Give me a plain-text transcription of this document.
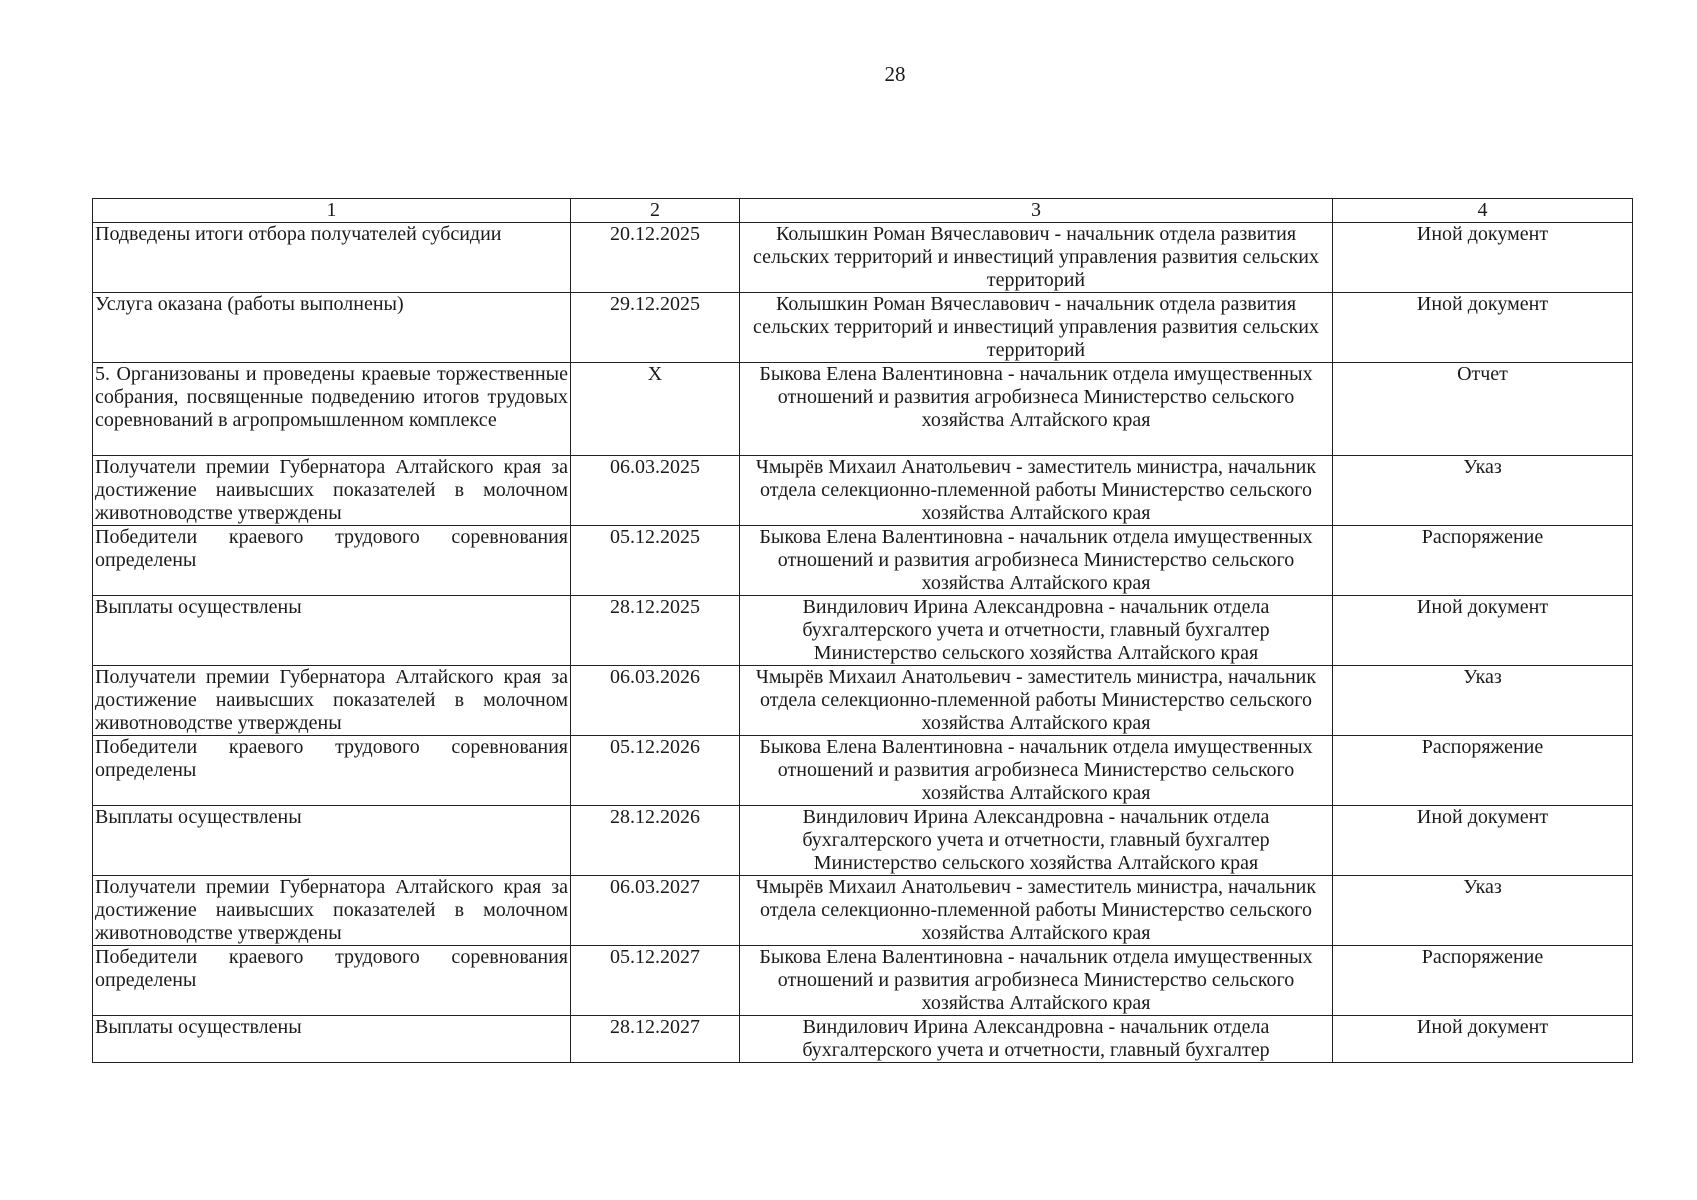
28
1	2	3	4
Подведены итоги отбора получателей субсидии	20.12.2025	Колышкин Роман Вячеславович - начальник отдела развития сельских территорий и инвестиций управления развития сельских территорий	Иной документ
Услуга оказана (работы выполнены)	29.12.2025	Колышкин Роман Вячеславович - начальник отдела развития сельских территорий и инвестиций управления развития сельских территорий	Иной документ
5. Организованы и проведены краевые торжественные собрания, посвященные подведению итогов трудовых соревнований в агропромышленном комплексе	Х	Быкова Елена Валентиновна - начальник отдела имущественных отношений и развития агробизнеса Министерство сельского хозяйства Алтайского края	Отчет
Получатели премии Губернатора Алтайского края за достижение наивысших показателей в молочном животноводстве утверждены	06.03.2025	Чмырёв Михаил Анатольевич - заместитель министра, начальник отдела селекционно-племенной работы Министерство сельского хозяйства Алтайского края	Указ
Победители краевого трудового соревнования определены	05.12.2025	Быкова Елена Валентиновна - начальник отдела имущественных отношений и развития агробизнеса Министерство сельского хозяйства Алтайского края	Распоряжение
Выплаты осуществлены	28.12.2025	Виндилович Ирина Александровна - начальник отдела бухгалтерского учета и отчетности, главный бухгалтер Министерство сельского хозяйства Алтайского края	Иной документ
Получатели премии Губернатора Алтайского края за достижение наивысших показателей в молочном животноводстве утверждены	06.03.2026	Чмырёв Михаил Анатольевич - заместитель министра, начальник отдела селекционно-племенной работы Министерство сельского хозяйства Алтайского края	Указ
Победители краевого трудового соревнования определены	05.12.2026	Быкова Елена Валентиновна - начальник отдела имущественных отношений и развития агробизнеса Министерство сельского хозяйства Алтайского края	Распоряжение
Выплаты осуществлены	28.12.2026	Виндилович Ирина Александровна - начальник отдела бухгалтерского учета и отчетности, главный бухгалтер Министерство сельского хозяйства Алтайского края	Иной документ
Получатели премии Губернатора Алтайского края за достижение наивысших показателей в молочном животноводстве утверждены	06.03.2027	Чмырёв Михаил Анатольевич - заместитель министра, начальник отдела селекционно-племенной работы Министерство сельского хозяйства Алтайского края	Указ
Победители краевого трудового соревнования определены	05.12.2027	Быкова Елена Валентиновна - начальник отдела имущественных отношений и развития агробизнеса Министерство сельского хозяйства Алтайского края	Распоряжение
Выплаты осуществлены	28.12.2027	Виндилович Ирина Александровна - начальник отдела бухгалтерского учета и отчетности, главный бухгалтер	Иной документ
